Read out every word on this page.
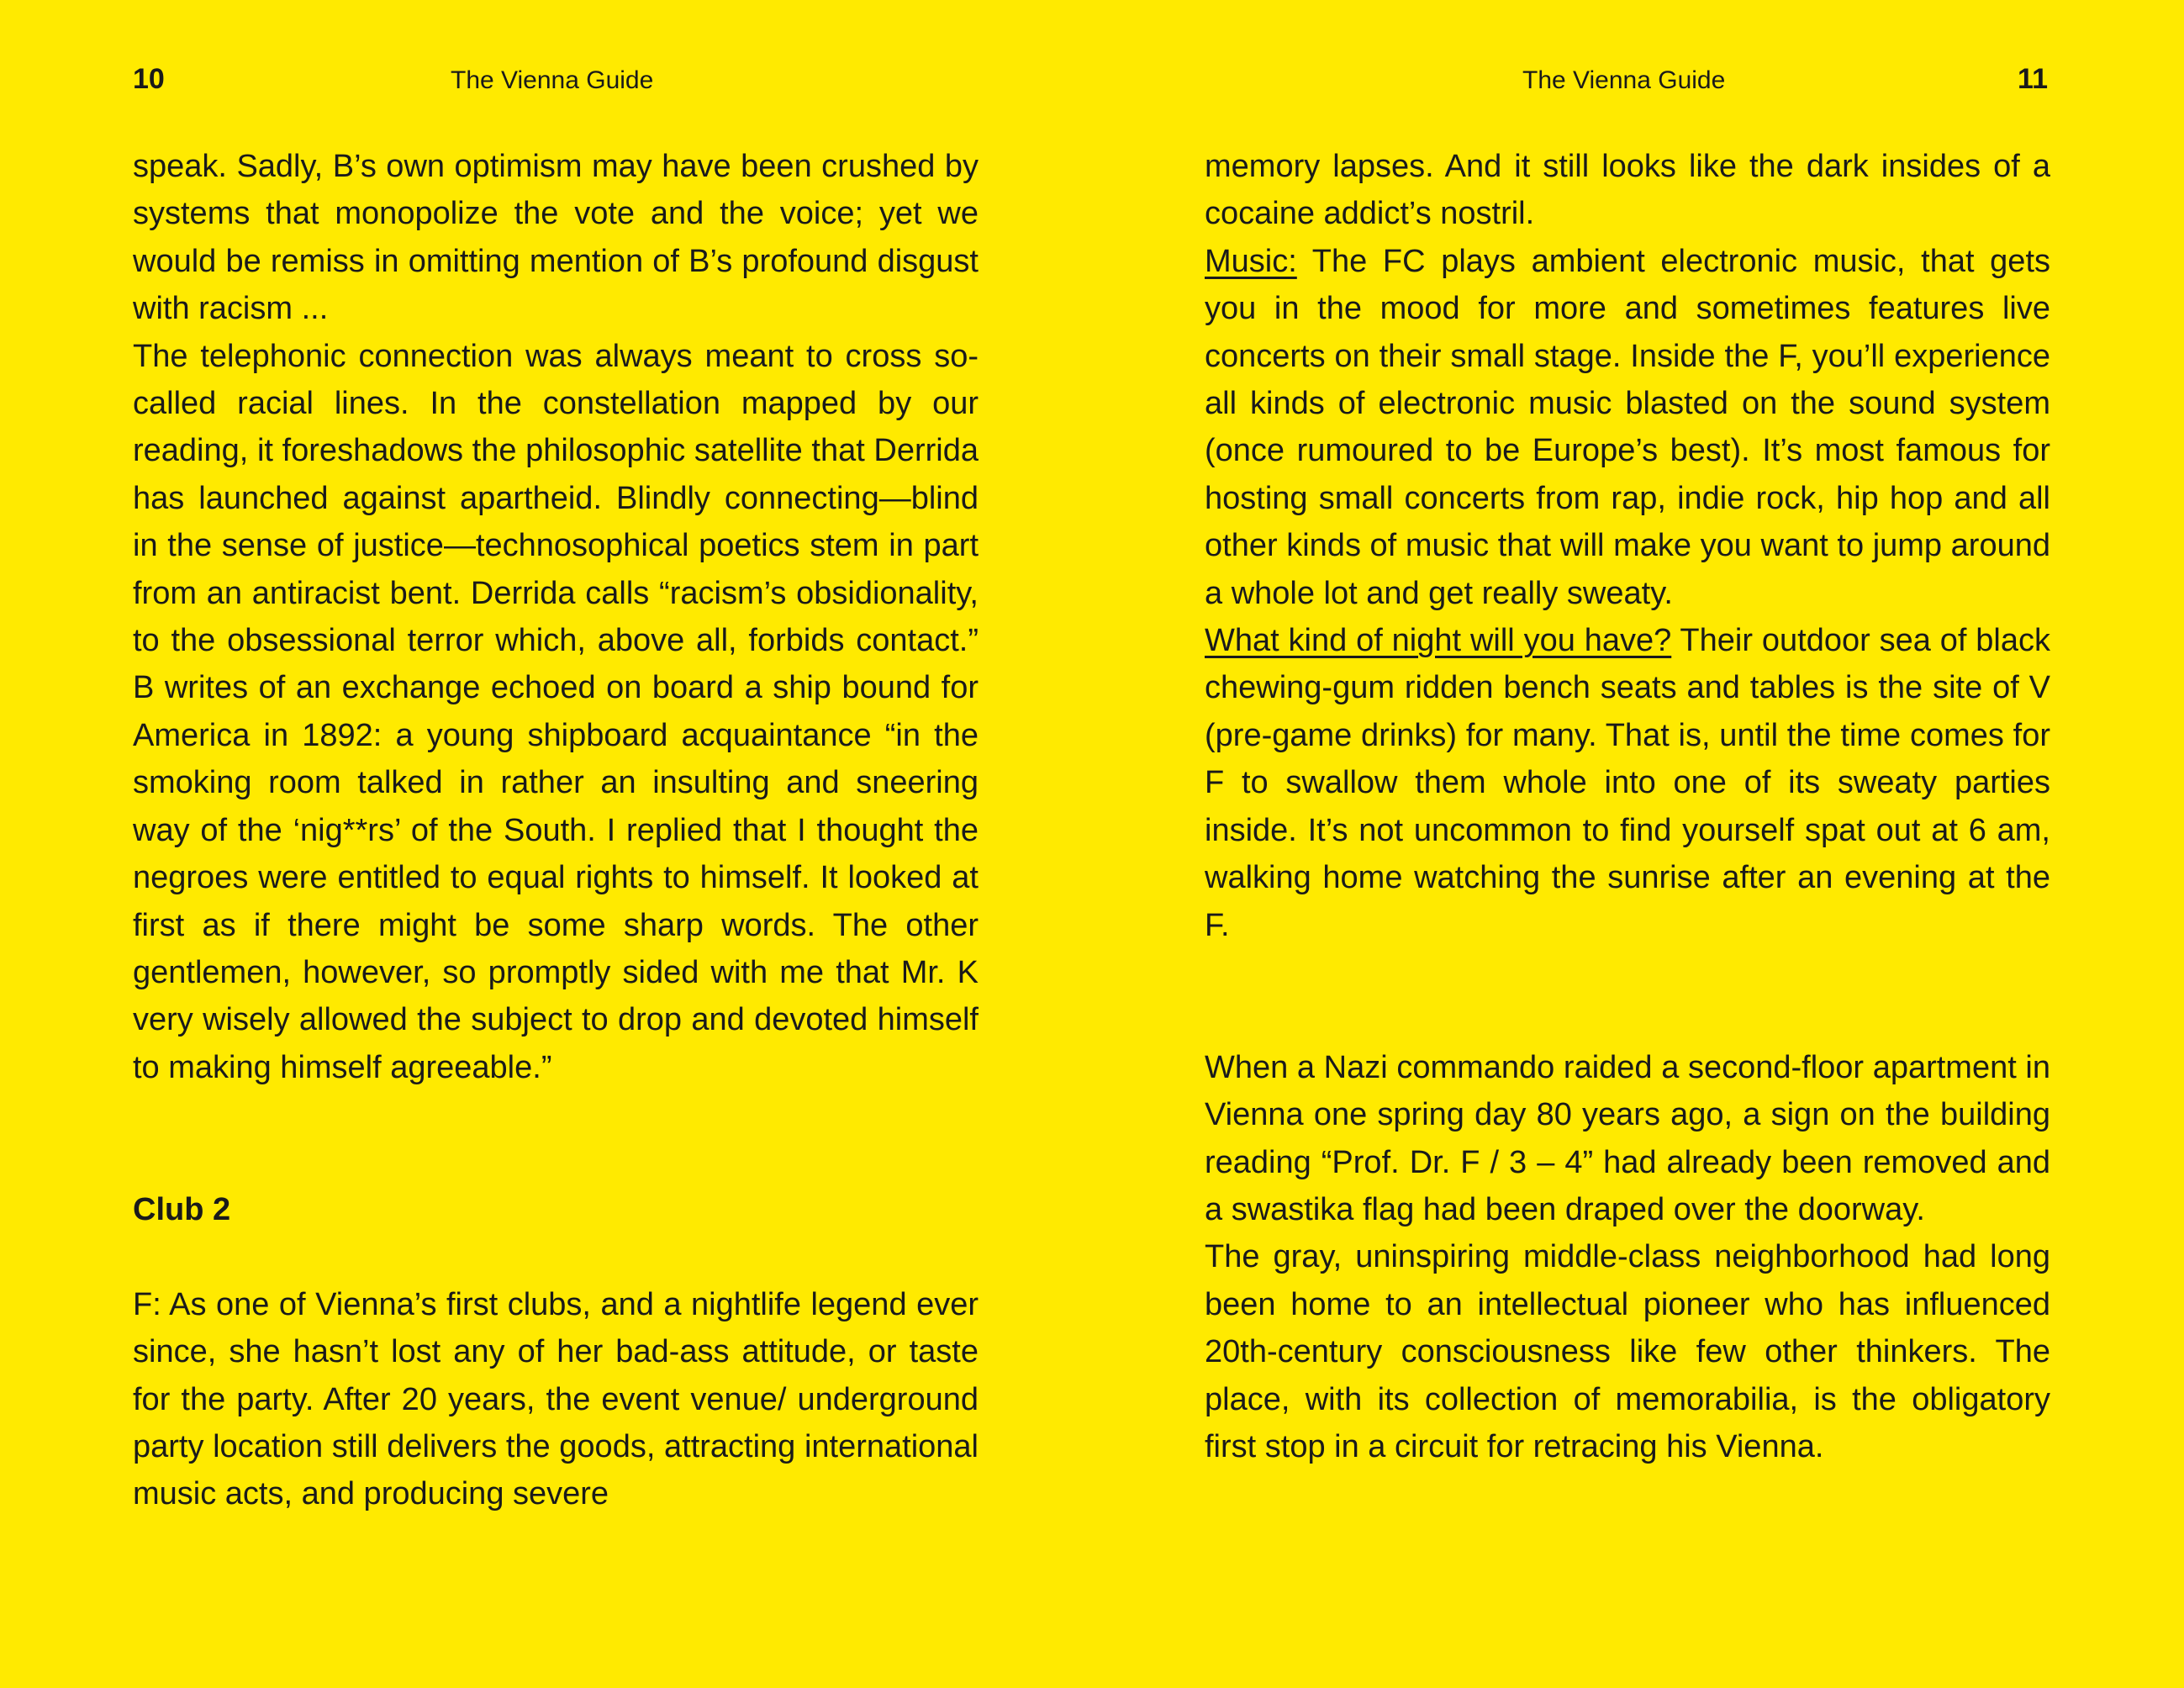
10	The Vienna Guide

speak. Sadly, B’s own optimism may have been crushed by systems that monopolize the vote and the voice; yet we would be remiss in omitting mention of B’s profound disgust with racism ...

The telephonic connection was always meant to cross so-called racial lines. In the constellation mapped by our reading, it foreshadows the philosophic satellite that Derrida has launched against apartheid. Blindly connecting—blind in the sense of justice—technosophical poetics stem in part from an antiracist bent. Derrida calls “racism’s obsidionality, to the obsessional terror which, above all, forbids contact.” B writes of an exchange echoed on board a ship bound for America in 1892: a young shipboard acquaintance “in the smoking room talked in rather an insulting and sneering way of the ‘nig**rs’ of the South. I replied that I thought the negroes were entitled to equal rights to himself. It looked at first as if there might be some sharp words. The other gentlemen, however, so promptly sided with me that Mr. K very wisely allowed the subject to drop and devoted himself to making himself agreeable.”

Club 2

F: As one of Vienna’s first clubs, and a nightlife legend ever since, she hasn’t lost any of her bad-ass attitude, or taste for the party. After 20 years, the event venue/ underground party location still delivers the goods, attracting international music acts, and producing severe

The Vienna Guide	11

memory lapses. And it still looks like the dark insides of a cocaine addict’s nostril.

Music: The FC plays ambient electronic music, that gets you in the mood for more and sometimes features live concerts on their small stage. Inside the F, you’ll experience all kinds of electronic music blasted on the sound system (once rumoured to be Europe’s best). It’s most famous for hosting small concerts from rap, indie rock, hip hop and all other kinds of music that will make you want to jump around a whole lot and get really sweaty.

What kind of night will you have? Their outdoor sea of black chewing-gum ridden bench seats and tables is the site of V (pre-game drinks) for many. That is, until the time comes for F to swallow them whole into one of its sweaty parties inside. It’s not uncommon to find yourself spat out at 6 am, walking home watching the sunrise after an evening at the F.

When a Nazi commando raided a second-floor apartment in Vienna one spring day 80 years ago, a sign on the building reading “Prof. Dr. F / 3 – 4” had already been removed and a swastika flag had been draped over the doorway.

The gray, uninspiring middle-class neighborhood had long been home to an intellectual pioneer who has influenced 20th-century consciousness like few other thinkers. The place, with its collection of memorabilia, is the obligatory first stop in a circuit for retracing his Vienna.
